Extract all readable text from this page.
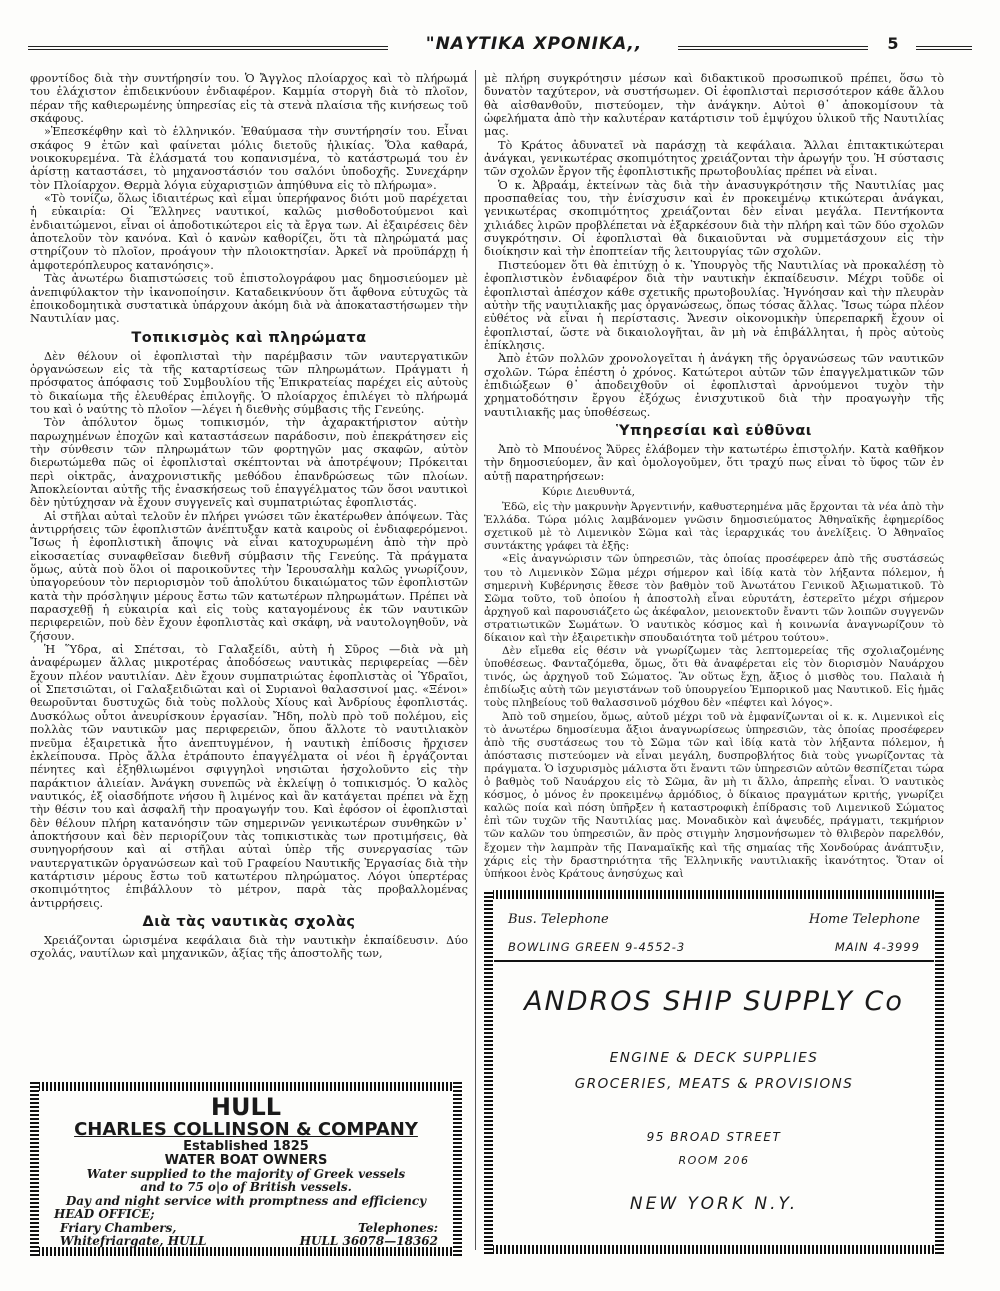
"ΝΑΥΤΙΚΑ ΧΡΟΝΙΚΑ,,	5

φροντίδος διὰ τὴν συντήρησίν του. Ὁ Ἄγγλος πλοίαρχος καὶ τὸ πλήρωμά του ἐλάχιστον ἐπιδεικνύουν ἐνδιαφέρον. Καμμία στοργὴ διὰ τὸ πλοῖον, πέραν τῆς καθιερωμένης ὑπηρεσίας εἰς τὰ στενὰ πλαίσια τῆς κινήσεως τοῦ σκάφους.

»Ἐπεσκέφθην καὶ τὸ ἑλληνικόν. Ἐθαύμασα τὴν συντήρησίν του. Εἶναι σκάφος 9 ἐτῶν καὶ φαίνεται μόλις διετοῦς ἡλικίας. Ὅλα καθαρά, νοικοκυρεμένα. Τὰ ἐλάσματά του κοπανισμένα, τὸ κατάστρωμά του ἐν ἀρίστῃ καταστάσει, τὸ μηχανοστάσιόν του σαλόνι ὑποδοχῆς. Συνεχάρην τὸν Πλοίαρχον. Θερμὰ λόγια εὐχαριστιῶν ἀπηύθυνα εἰς τὸ πλήρωμα».

«Τὸ τονίζω, ὅλως ἰδιαιτέρως καὶ εἶμαι ὑπερήφανος διότι μοῦ παρέχεται ἡ εὐκαιρία: Οἱ Ἕλληνες ναυτικοί, καλῶς μισθοδοτούμενοι καὶ ἐνδιαιτώμενοι, εἶναι οἱ ἀποδοτικώτεροι εἰς τὰ ἔργα των. Αἱ ἐξαιρέσεις δὲν ἀποτελοῦν τὸν κανόνα. Καὶ ὁ κανὼν καθορίζει, ὅτι τὰ πληρώματά μας στηρίζουν τὸ πλοῖον, προάγουν τὴν πλοιοκτησίαν. Ἀρκεῖ νὰ προϋπάρχῃ ἡ ἀμφοτερόπλευρος κατανόησις».

Τὰς ἀνωτέρω διαπιστώσεις τοῦ ἐπιστολογράφου μας δημοσιεύομεν μὲ ἀνεπιφύλακτον τὴν ἱκανοποίησιν. Καταδεικνύουν ὅτι ἄφθονα εὐτυχῶς τὰ ἐποικοδομητικὰ συστατικὰ ὑπάρχουν ἀκόμη διὰ νὰ ἀποκαταστήσωμεν τὴν Ναυτιλίαν μας.

Τοπικισμὸς καὶ πληρώματα

Δὲν θέλουν οἱ ἐφοπλισταὶ τὴν παρέμβασιν τῶν ναυτεργατικῶν ὀργανώσεων εἰς τὰ τῆς καταρτίσεως τῶν πληρωμάτων. Πράγματι ἡ πρόσφατος ἀπόφασις τοῦ Συμβουλίου τῆς Ἐπικρατείας παρέχει εἰς αὐτοὺς τὸ δικαίωμα τῆς ἐλευθέρας ἐπιλογῆς. Ὁ πλοίαρχος ἐπιλέγει τὸ πλήρωμά του καὶ ὁ ναύτης τὸ πλοῖον —λέγει ἡ διεθνὴς σύμβασις τῆς Γενεύης.

Τὸν ἀπόλυτον ὅμως τοπικισμόν, τὴν ἀχαρακτήριστον αὐτὴν παρωχημένων ἐποχῶν καὶ καταστάσεων παράδοσιν, ποὺ ἐπεκράτησεν εἰς τὴν σύνθεσιν τῶν πληρωμάτων τῶν φορτηγῶν μας σκαφῶν, αὐτὸν διερωτώμεθα πῶς οἱ ἐφοπλισταὶ σκέπτονται νὰ ἀποτρέψουν; Πρόκειται περὶ οἰκτρᾶς, ἀναχρονιστικῆς μεθόδου ἐπανδρώσεως τῶν πλοίων. Ἀποκλείονται αὐτῆς τῆς ἐνασκήσεως τοῦ ἐπαγγέλματος τῶν ὅσοι ναυτικοὶ δὲν ηὐτύχησαν νὰ ἔχουν συγγενεῖς καὶ συμπατριώτας ἐφοπλιστάς.

Αἱ στῆλαι αὐταὶ τελοῦν ἐν πλήρει γνώσει τῶν ἑκατέρωθεν ἀπόψεων. Τὰς ἀντιρρήσεις τῶν ἐφοπλιστῶν ἀνέπτυξαν κατὰ καιροὺς οἱ ἐνδιαφερόμενοι. Ἴσως ἡ ἐφοπλιστικὴ ἄποψις νὰ εἶναι κατοχυρωμένη ἀπὸ τὴν πρὸ εἰκοσαετίας συναφθεῖσαν διεθνῆ σύμβασιν τῆς Γενεύης. Τὰ πράγματα ὅμως, αὐτὰ ποὺ ὅλοι οἱ παροικοῦντες τὴν Ἱερουσαλὴμ καλῶς γνωρίζουν, ὑπαγορεύουν τὸν περιορισμὸν τοῦ ἀπολύτου δικαιώματος τῶν ἐφοπλιστῶν κατὰ τὴν πρόσληψιν μέρους ἔστω τῶν κατωτέρων πληρωμάτων. Πρέπει νὰ παρασχεθῇ ἡ εὐκαιρία καὶ εἰς τοὺς καταγομένους ἐκ τῶν ναυτικῶν περιφερειῶν, ποὺ δὲν ἔχουν ἐφοπλιστὰς καὶ σκάφη, νὰ ναυτολογηθοῦν, νὰ ζήσουν.

Ἡ Ὕδρα, αἱ Σπέτσαι, τὸ Γαλαξείδι, αὐτὴ ἡ Σῦρος —διὰ νὰ μὴ ἀναφέρωμεν ἄλλας μικροτέρας ἀποδόσεως ναυτικὰς περιφερείας —δὲν ἔχουν πλέον ναυτιλίαν. Δὲν ἔχουν συμπατριώτας ἐφοπλιστὰς οἱ Ὑδραῖοι, οἱ Σπετσιῶται, οἱ Γαλαξειδιῶται καὶ οἱ Συριανοὶ θαλασσινοί μας. «Ξένοι» θεωροῦνται δυστυχῶς διὰ τοὺς πολλοὺς Χίους καὶ Ἀνδρίους ἐφοπλιστάς. Δυσκόλως οὗτοι ἀνευρίσκουν ἐργασίαν. Ἤδη, πολὺ πρὸ τοῦ πολέμου, εἰς πολλὰς τῶν ναυτικῶν μας περιφερειῶν, ὅπου ἄλλοτε τὸ ναυτιλιακὸν πνεῦμα ἐξαιρετικὰ ἦτο ἀνεπτυγμένον, ἡ ναυτικὴ ἐπίδοσις ἤρχισεν ἐκλείπουσα. Πρὸς ἄλλα ἐτράπουτο ἐπαγγέλματα οἱ νέοι ἢ ἐργάζονται πένητες καὶ ἐξηθλιωμένοι σφιγγηλοὶ νησιῶται ἠσχολοῦντο εἰς τὴν παράκτιον ἁλιείαν. Ἀνάγκη συνεπῶς νὰ ἐκλείψῃ ὁ τοπικισμός. Ὁ καλὸς ναυτικός, ἐξ οἱασδήποτε νήσου ἢ λιμένος καὶ ἂν κατάγεται πρέπει νὰ ἔχῃ τὴν θέσιν του καὶ ἀσφαλῆ τὴν προαγωγήν του. Καὶ ἐφόσον οἱ ἐφοπλισταὶ δὲν θέλουν πλήρη κατανόησιν τῶν σημερινῶν γενικωτέρων συνθηκῶν ν᾽ ἀποκτήσουν καὶ δὲν περιορίζουν τὰς τοπικιστικὰς των προτιμήσεις, θὰ συνηγορήσουν καὶ αἱ στῆλαι αὐταὶ ὑπὲρ τῆς συνεργασίας τῶν ναυτεργατικῶν ὀργανώσεων καὶ τοῦ Γραφείου Ναυτικῆς Ἐργασίας διὰ τὴν κατάρτισιν μέρους ἔστω τοῦ κατωτέρου πληρώματος. Λόγοι ὑπερτέρας σκοπιμότητος ἐπιβάλλουν τὸ μέτρον, παρὰ τὰς προβαλλομένας ἀντιρρήσεις.

Διὰ τὰς ναυτικὰς σχολὰς

Χρειάζονται ὡρισμένα κεφάλαια διὰ τὴν ναυτικὴν ἐκπαίδευσιν. Δύο σχολάς, ναυτίλων καὶ μηχανικῶν, ἀξίας τῆς ἀποστολῆς των,

μὲ πλήρη συγκρότησιν μέσων καὶ διδακτικοῦ προσωπικοῦ πρέπει, ὅσω τὸ δυνατὸν ταχύτερον, νὰ συστήσωμεν. Οἱ ἐφοπλισταὶ περισσότερον κάθε ἄλλου θὰ αἰσθανθοῦν, πιστεύομεν, τὴν ἀνάγκην. Αὐτοὶ θ᾽ ἀποκομίσουν τὰ ὠφελήματα ἀπὸ τὴν καλυτέραν κατάρτισιν τοῦ ἐμψύχου ὑλικοῦ τῆς Ναυτιλίας μας.

Τὸ Κράτος ἀδυνατεῖ νὰ παράσχῃ τὰ κεφάλαια. Ἄλλαι ἐπιτακτικώτεραι ἀνάγκαι, γενικωτέρας σκοπιμότητος χρειάζονται τὴν ἀρωγήν του. Ἡ σύστασις τῶν σχολῶν ἔργον τῆς ἐφοπλιστικῆς πρωτοβουλίας πρέπει νὰ εἶναι.

Ὁ κ. Ἀβραάμ, ἐκτείνων τὰς διὰ τὴν ἀνασυγκρότησιν τῆς Ναυτιλίας μας προσπαθείας του, τὴν ἐνίσχυσιν καὶ ἐν προκειμένῳ κτικώτεραι ἀνάγκαι, γενικωτέρας σκοπιμότητος χρειάζονται δὲν εἶναι μεγάλα. Πεντήκοντα χιλιάδες λιρῶν προβλέπεται νὰ ἐξαρκέσουν διὰ τὴν πλήρη καὶ τῶν δύο σχολῶν συγκρότησιν. Οἱ ἐφοπλισταὶ θὰ δικαιοῦνται νὰ συμμετάσχουν εἰς τὴν διοίκησιν καὶ τὴν ἐποπτείαν τῆς λειτουργίας τῶν σχολῶν.

Πιστεύομεν ὅτι θὰ ἐπιτύχῃ ὁ κ. Ὑπουργὸς τῆς Ναυτιλίας νὰ προκαλέσῃ τὸ ἐφοπλιστικὸν ἐνδιαφέρον διὰ τὴν ναυτικὴν ἐκπαίδευσιν. Μέχρι τοῦδε οἱ ἐφοπλισταὶ ἀπέσχον κάθε σχετικῆς πρωτοβουλίας. Ἠγνόησαν καὶ τὴν πλευρὰν αὐτὴν τῆς ναυτιλιακῆς μας ὀργανώσεως, ὅπως τόσας ἄλλας. Ἴσως τώρα πλέον εὐθέτος νὰ εἶναι ἡ περίστασις. Ἄνεσιν οἰκονομικὴν ὑπερεπαρκῆ ἔχουν οἱ ἐφοπλισταί, ὥστε νὰ δικαιολογῆται, ἂν μὴ νὰ ἐπιβάλληται, ἡ πρὸς αὐτοὺς ἐπίκλησις.

Ἀπὸ ἐτῶν πολλῶν χρονολογεῖται ἡ ἀνάγκη τῆς ὀργανώσεως τῶν ναυτικῶν σχολῶν. Τώρα ἐπέστη ὁ χρόνος. Κατώτεροι αὐτῶν τῶν ἐπαγγελματικῶν τῶν ἐπιδιώξεων θ᾽ ἀποδειχθοῦν οἱ ἐφοπλισταὶ ἀρνούμενοι τυχὸν τὴν χρηματοδότησιν ἔργου ἐξόχως ἐνισχυτικοῦ διὰ τὴν προαγωγὴν τῆς ναυτιλιακῆς μας ὑποθέσεως.

Ὑπηρεσίαι καὶ εὐθῦναι

Ἀπὸ τὸ Μπουένος Ἄϋρες ἐλάβομεν τὴν κατωτέρω ἐπιστολήν. Κατὰ καθῆκον τὴν δημοσιεύομεν, ἂν καὶ ὁμολογοῦμεν, ὅτι τραχύ πως εἶναι τὸ ὕφος τῶν ἐν αὐτῇ παρατηρήσεων:

Κύριε Διευθυντά,

Ἐδῶ, εἰς τὴν μακρυνὴν Ἀργεντινήν, καθυστερημένα μᾶς ἔρχονται τὰ νέα ἀπὸ τὴν Ἑλλάδα. Τώρα μόλις λαμβάνομεν γνῶσιν δημοσιεύματος Ἀθηναϊκῆς ἐφημερίδος σχετικοῦ μὲ τὸ Λιμενικὸν Σῶμα καὶ τὰς ἱεραρχικάς του ἀνελίξεις. Ὁ Ἀθηναῖος συντάκτης γράφει τὰ ἑξῆς:

«Εἰς ἀναγνώρισιν τῶν ὑπηρεσιῶν, τὰς ὁποίας προσέφερεν ἀπὸ τῆς συστάσεώς του τὸ Λιμενικὸν Σῶμα μέχρι σήμερον καὶ ἰδίᾳ κατὰ τὸν λήξαντα πόλεμον, ἡ σημερινὴ Κυβέρνησις ἔθεσε τὸν βαθμὸν τοῦ Ἀνωτάτου Γενικοῦ Ἀξιωματικοῦ. Τὸ Σῶμα τοῦτο, τοῦ ὁποίου ἡ ἀποστολὴ εἶναι εὐρυτάτη, ἐστερεῖτο μέχρι σήμερον ἀρχηγοῦ καὶ παρουσιάζετο ὡς ἀκέφαλον, μειονεκτοῦν ἔναντι τῶν λοιπῶν συγγενῶν στρατιωτικῶν Σωμάτων. Ὁ ναυτικὸς κόσμος καὶ ἡ κοινωνία ἀναγνωρίζουν τὸ δίκαιον καὶ τὴν ἐξαιρετικὴν σπουδαιότητα τοῦ μέτρου τούτου».

Δὲν εἴμεθα εἰς θέσιν νὰ γνωρίζωμεν τὰς λεπτομερείας τῆς σχολιαζομένης ὑποθέσεως. Φανταζόμεθα, ὅμως, ὅτι θὰ ἀναφέρεται εἰς τὸν διορισμὸν Ναυάρχου τινός, ὡς ἀρχηγοῦ τοῦ Σώματος. Ἂν οὕτως ἔχῃ, ἄξιος ὁ μισθὸς του. Παλαιὰ ἡ ἐπιδίωξις αὐτὴ τῶν μεγιστάνων τοῦ ὑπουργείου Ἐμπορικοῦ μας Ναυτικοῦ. Εἰς ἡμᾶς τοὺς πληβείους τοῦ θαλασσινοῦ μόχθου δὲν «πέφτει καὶ λόγος».

Ἀπὸ τοῦ σημείου, ὅμως, αὐτοῦ μέχρι τοῦ νὰ ἐμφανίζωνται οἱ κ. κ. Λιμενικοὶ εἰς τὸ ἀνωτέρω δημοσίευμα ἄξιοι ἀναγνωρίσεως ὑπηρεσιῶν, τὰς ὁποίας προσέφερεν ἀπὸ τῆς συστάσεως του τὸ Σῶμα τῶν καὶ ἰδίᾳ κατὰ τὸν λήξαντα πόλεμον, ἡ ἀπόστασις πιστεύομεν νὰ εἶναι μεγάλη, δυσπροβλήτος διὰ τοὺς γνωρίζοντας τὰ πράγματα. Ὁ ἰσχυρισμὸς μάλιστα ὅτι ἔναντι τῶν ὑπηρεσιῶν αὐτῶν θεσπίζεται τώρα ὁ βαθμὸς τοῦ Ναυάρχου εἰς τὸ Σῶμα, ἂν μὴ τι ἄλλο, ἀπρεπὴς εἶναι. Ὁ ναυτικὸς κόσμος, ὁ μόνος ἐν προκειμένῳ ἁρμόδιος, ὁ δίκαιος πραγμάτων κριτής, γνωρίζει καλῶς ποία καὶ πόση ὑπῆρξεν ἡ καταστροφικὴ ἐπίδρασις τοῦ Λιμενικοῦ Σώματος ἐπὶ τῶν τυχῶν τῆς Ναυτιλίας μας. Μοναδικὸν καὶ ἀψευδές, πράγματι, τεκμήριον τῶν καλῶν του ὑπηρεσιῶν, ἂν πρὸς στιγμὴν λησμονήσωμεν τὸ θλιβερὸν παρελθόν, ἔχομεν τὴν λαμπρὰν τῆς Παναμαϊκῆς καὶ τῆς σημαίας τῆς Χονδούρας ἀνάπτυξιν, χάρις εἰς τὴν δραστηριότητα τῆς Ἑλληνικῆς ναυτιλιακῆς ἱκανότητος. Ὅταν οἱ ὑπήκοοι ἑνὸς Κράτους ἀνησύχως καὶ

HULL
CHARLES COLLINSON & COMPANY
Established 1825
WATER BOAT OWNERS
Water supplied to the majority of Greek vessels
and to 75 o|o of British vessels.
Day and night service with promptness and efficiency
HEAD OFFICE;
Friary Chambers,	Telephones:
Whitefriargate, HULL	HULL 36078—18362
Bus. Telephone	Home Telephone
BOWLING GREEN 9-4552-3	MAIN 4-3999
ANDROS SHIP SUPPLY Co
ENGINE & DECK SUPPLIES
GROCERIES, MEATS & PROVISIONS
95 BROAD STREET
ROOM 206
NEW YORK N.Y.
